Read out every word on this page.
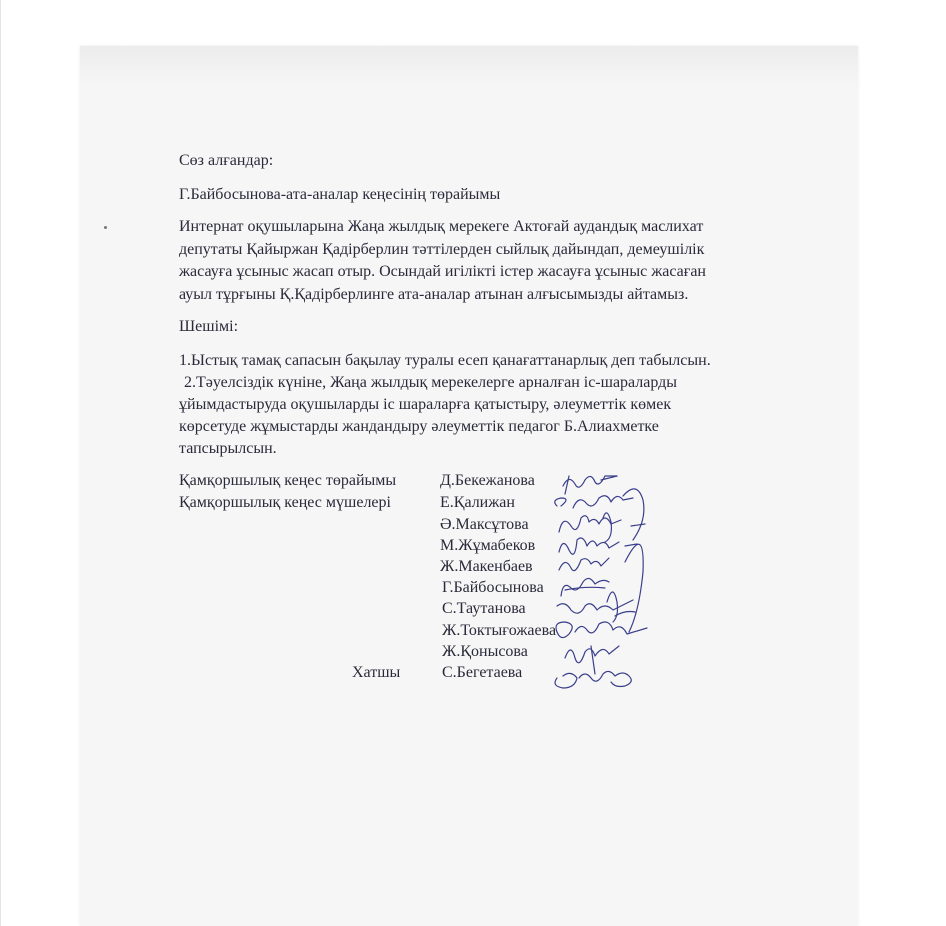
Сөз алғандар:

Г.Байбосынова-ата-аналар кеңесінің төрайымы

Интернат оқушыларына Жаңа жылдық мерекеге Актоғай аудандық маслихат

депутаты Қайыржан Қадірберлин тәттілерден сыйлық дайындап, демеушілік

жасауға ұсыныс жасап отыр. Осындай игілікті істер жасауға ұсыныс жасаған

ауыл тұрғыны Қ.Қадірберлинге ата-аналар атынан алғысымызды айтамыз.

Шешімі:

1.Ыстық тамақ сапасын бақылау туралы есеп қанағаттанарлық деп табылсын.

2.Тәуелсіздік күніне, Жаңа жылдық мерекелерге арналған іс-шараларды

ұйымдастыруда оқушыларды іс шараларға қатыстыру, әлеуметтік көмек

көрсетуде жұмыстарды жандандыру әлеуметтік педагог Б.Алиахметке

тапсырылсын.

Қамқоршылық кеңес төрайымы
Қамқоршылық кеңес мүшелері
Хатшы
Д.Бекежанова
Е.Қалижан
Ә.Максұтова
М.Жұмабеков
Ж.Макенбаев
Г.Байбосынова
С.Таутанова
Ж.Токтығожаева
Ж.Қонысова
С.Бегетаева
